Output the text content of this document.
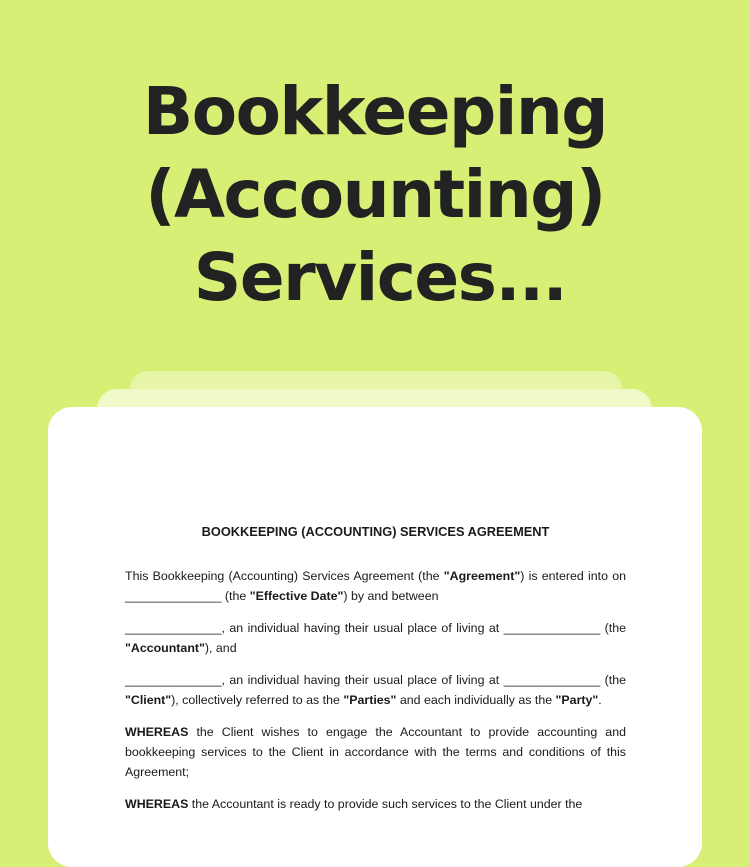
Bookkeeping
(Accounting)
Services...
BOOKKEEPING (ACCOUNTING) SERVICES AGREEMENT

This Bookkeeping (Accounting) Services Agreement (the "Agreement") is entered into on ______________ (the "Effective Date") by and between

______________, an individual having their usual place of living at ______________ (the "Accountant"), and

______________, an individual having their usual place of living at ______________ (the "Client"), collectively referred to as the "Parties" and each individually as the "Party".

WHEREAS the Client wishes to engage the Accountant to provide accounting and bookkeeping services to the Client in accordance with the terms and conditions of this Agreement;

WHEREAS the Accountant is ready to provide such services to the Client under the
